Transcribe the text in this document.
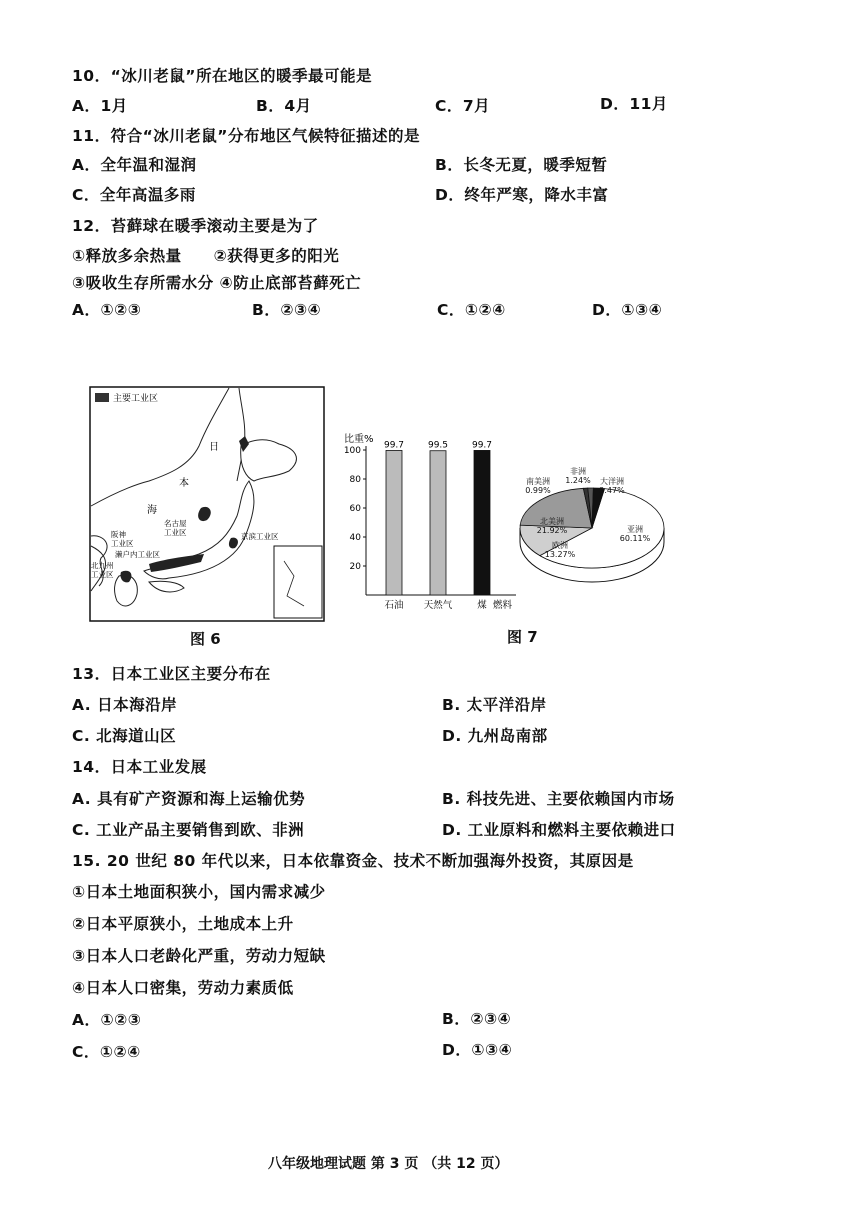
10．“冰川老鼠”所在地区的暖季最可能是
A．1月	B．4月	C．7月	D．11月
11．符合“冰川老鼠”分布地区气候特征描述的是
A．全年温和湿润	B．长冬无夏，暖季短暂
C．全年高温多雨	D．终年严寒，降水丰富
12．苔藓球在暖季滚动主要是为了
①释放多余热量　　②获得更多的阳光
③吸收生存所需水分 ④防止底部苔藓死亡
A．①②③	B．②③④	C．①②④	D．①③④
主要工业区
日
本
海
名古屋
工业区	京滨工业区
阪神
工业区
濑户内工业区
北九州
工业区
图 6
比重%
20
40
60
80
100
99.7
石油
99.5
天然气
99.7
煤 燃料
亚洲 60.11%
欧洲 13.27%
北美洲 21.92%
南美洲 0.99%
非洲 1.24% 大洋洲 2.47%
图 7
13．日本工业区主要分布在
A. 日本海沿岸	B. 太平洋沿岸
C. 北海道山区	D. 九州岛南部
14．日本工业发展
A. 具有矿产资源和海上运输优势	B. 科技先进、主要依赖国内市场
C. 工业产品主要销售到欧、非洲	D. 工业原料和燃料主要依赖进口
15. 20 世纪 80 年代以来，日本依靠资金、技术不断加强海外投资，其原因是
①日本土地面积狭小，国内需求减少
②日本平原狭小，土地成本上升
③日本人口老龄化严重，劳动力短缺
④日本人口密集，劳动力素质低
A．①②③	B．②③④
C．①②④	D．①③④
八年级地理试题 第 3 页 （共 12 页）
